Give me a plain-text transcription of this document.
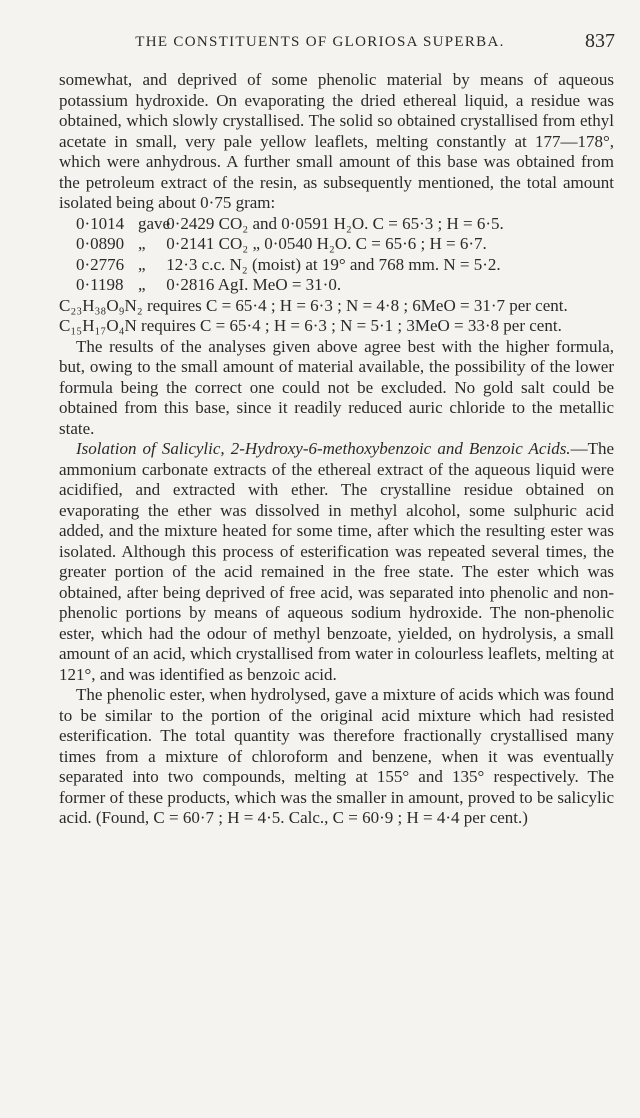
THE CONSTITUENTS OF GLORIOSA SUPERBA.	837

somewhat, and deprived of some phenolic material by means of aqueous potassium hydroxide. On evaporating the dried ethereal liquid, a residue was obtained, which slowly crystallised. The solid so obtained crystallised from ethyl acetate in small, very pale yellow leaflets, melting constantly at 177—178°, which were anhydrous. A further small amount of this base was obtained from the petroleum extract of the resin, as subsequently mentioned, the total amount isolated being about 0·75 gram:

0·1014 gave 0·2429 CO₂ and 0·0591 H₂O. C = 65·3 ; H = 6·5.
0·0890 „ 0·2141 CO₂ „ 0·0540 H₂O. C = 65·6 ; H = 6·7.
0·2776 „ 12·3 c.c. N₂ (moist) at 19° and 768 mm. N = 5·2.
0·1198 „ 0·2816 AgI. MeO = 31·0.

C₂₃H₃₈O₉N₂ requires C = 65·4 ; H = 6·3 ; N = 4·8 ; 6MeO = 31·7 per cent.

C₁₅H₁₇O₄N requires C = 65·4 ; H = 6·3 ; N = 5·1 ; 3MeO = 33·8 per cent.

The results of the analyses given above agree best with the higher formula, but, owing to the small amount of material available, the possibility of the lower formula being the correct one could not be excluded. No gold salt could be obtained from this base, since it readily reduced auric chloride to the metallic state.

Isolation of Salicylic, 2-Hydroxy-6-methoxybenzoic and Benzoic Acids.—The ammonium carbonate extracts of the ethereal extract of the aqueous liquid were acidified, and extracted with ether. The crystalline residue obtained on evaporating the ether was dissolved in methyl alcohol, some sulphuric acid added, and the mixture heated for some time, after which the resulting ester was isolated. Although this process of esterification was repeated several times, the greater portion of the acid remained in the free state. The ester which was obtained, after being deprived of free acid, was separated into phenolic and non-phenolic portions by means of aqueous sodium hydroxide. The non-phenolic ester, which had the odour of methyl benzoate, yielded, on hydrolysis, a small amount of an acid, which crystallised from water in colourless leaflets, melting at 121°, and was identified as benzoic acid.

The phenolic ester, when hydrolysed, gave a mixture of acids which was found to be similar to the portion of the original acid mixture which had resisted esterification. The total quantity was therefore fractionally crystallised many times from a mixture of chloroform and benzene, when it was eventually separated into two compounds, melting at 155° and 135° respectively. The former of these products, which was the smaller in amount, proved to be salicylic acid. (Found, C = 60·7 ; H = 4·5. Calc., C = 60·9 ; H = 4·4 per cent.)
